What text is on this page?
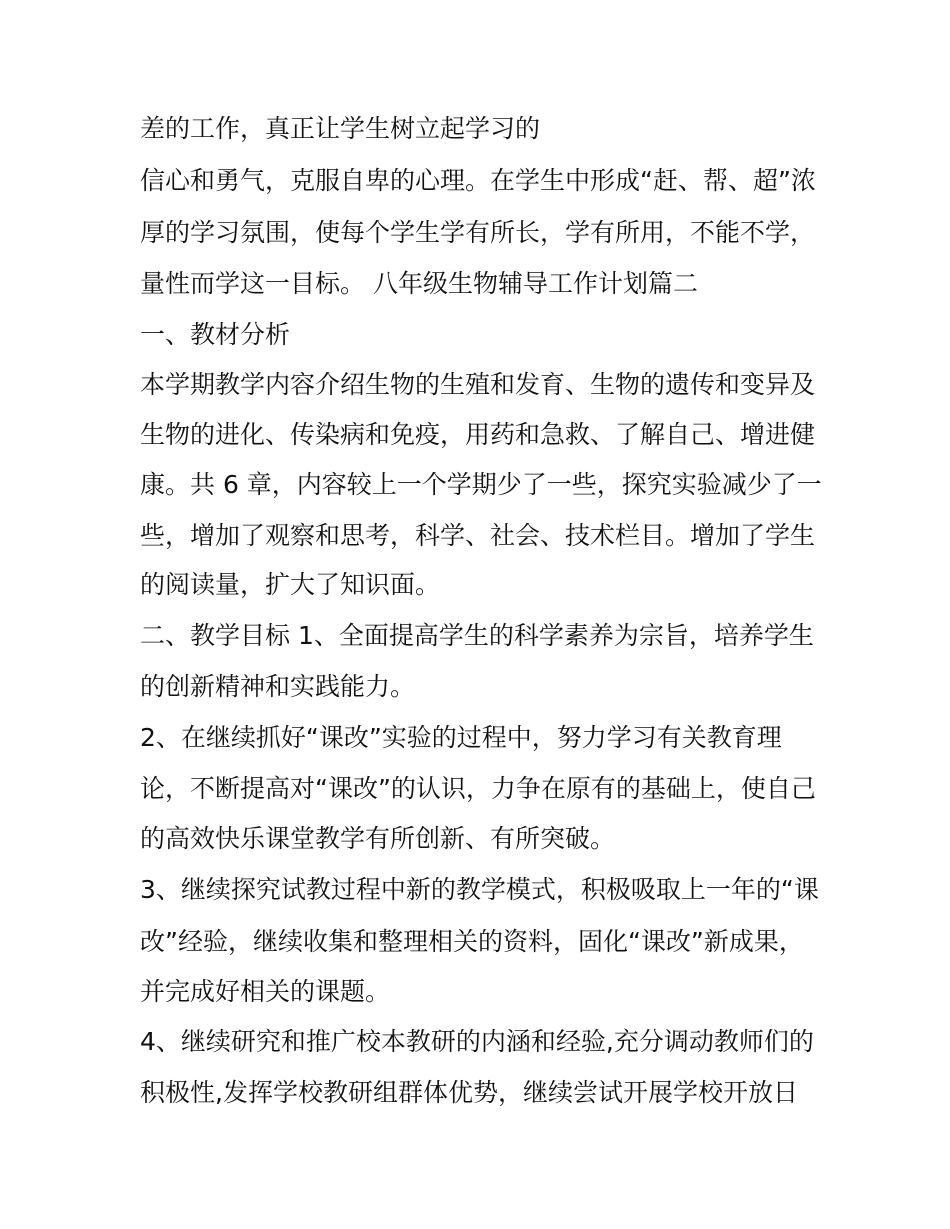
差的工作，真正让学生树立起学习的

信心和勇气，克服自卑的心理。在学生中形成“赶、帮、超”浓

厚的学习氛围，使每个学生学有所长，学有所用，不能不学，

量性而学这一目标。 八年级生物辅导工作计划篇二

一、教材分析

本学期教学内容介绍生物的生殖和发育、生物的遗传和变异及

生物的进化、传染病和免疫，用药和急救、了解自己、增进健

康。共 6 章，内容较上一个学期少了一些，探究实验减少了一

些，增加了观察和思考，科学、社会、技术栏目。增加了学生

的阅读量，扩大了知识面。

二、教学目标 1、全面提高学生的科学素养为宗旨，培养学生

的创新精神和实践能力。

2、在继续抓好“课改”实验的过程中，努力学习有关教育理

论，不断提高对“课改”的认识，力争在原有的基础上，使自己

的高效快乐课堂教学有所创新、有所突破。

3、继续探究试教过程中新的教学模式，积极吸取上一年的“课

改”经验，继续收集和整理相关的资料，固化“课改”新成果，

并完成好相关的课题。

4、继续研究和推广校本教研的内涵和经验,充分调动教师们的

积极性,发挥学校教研组群体优势，继续尝试开展学校开放日
